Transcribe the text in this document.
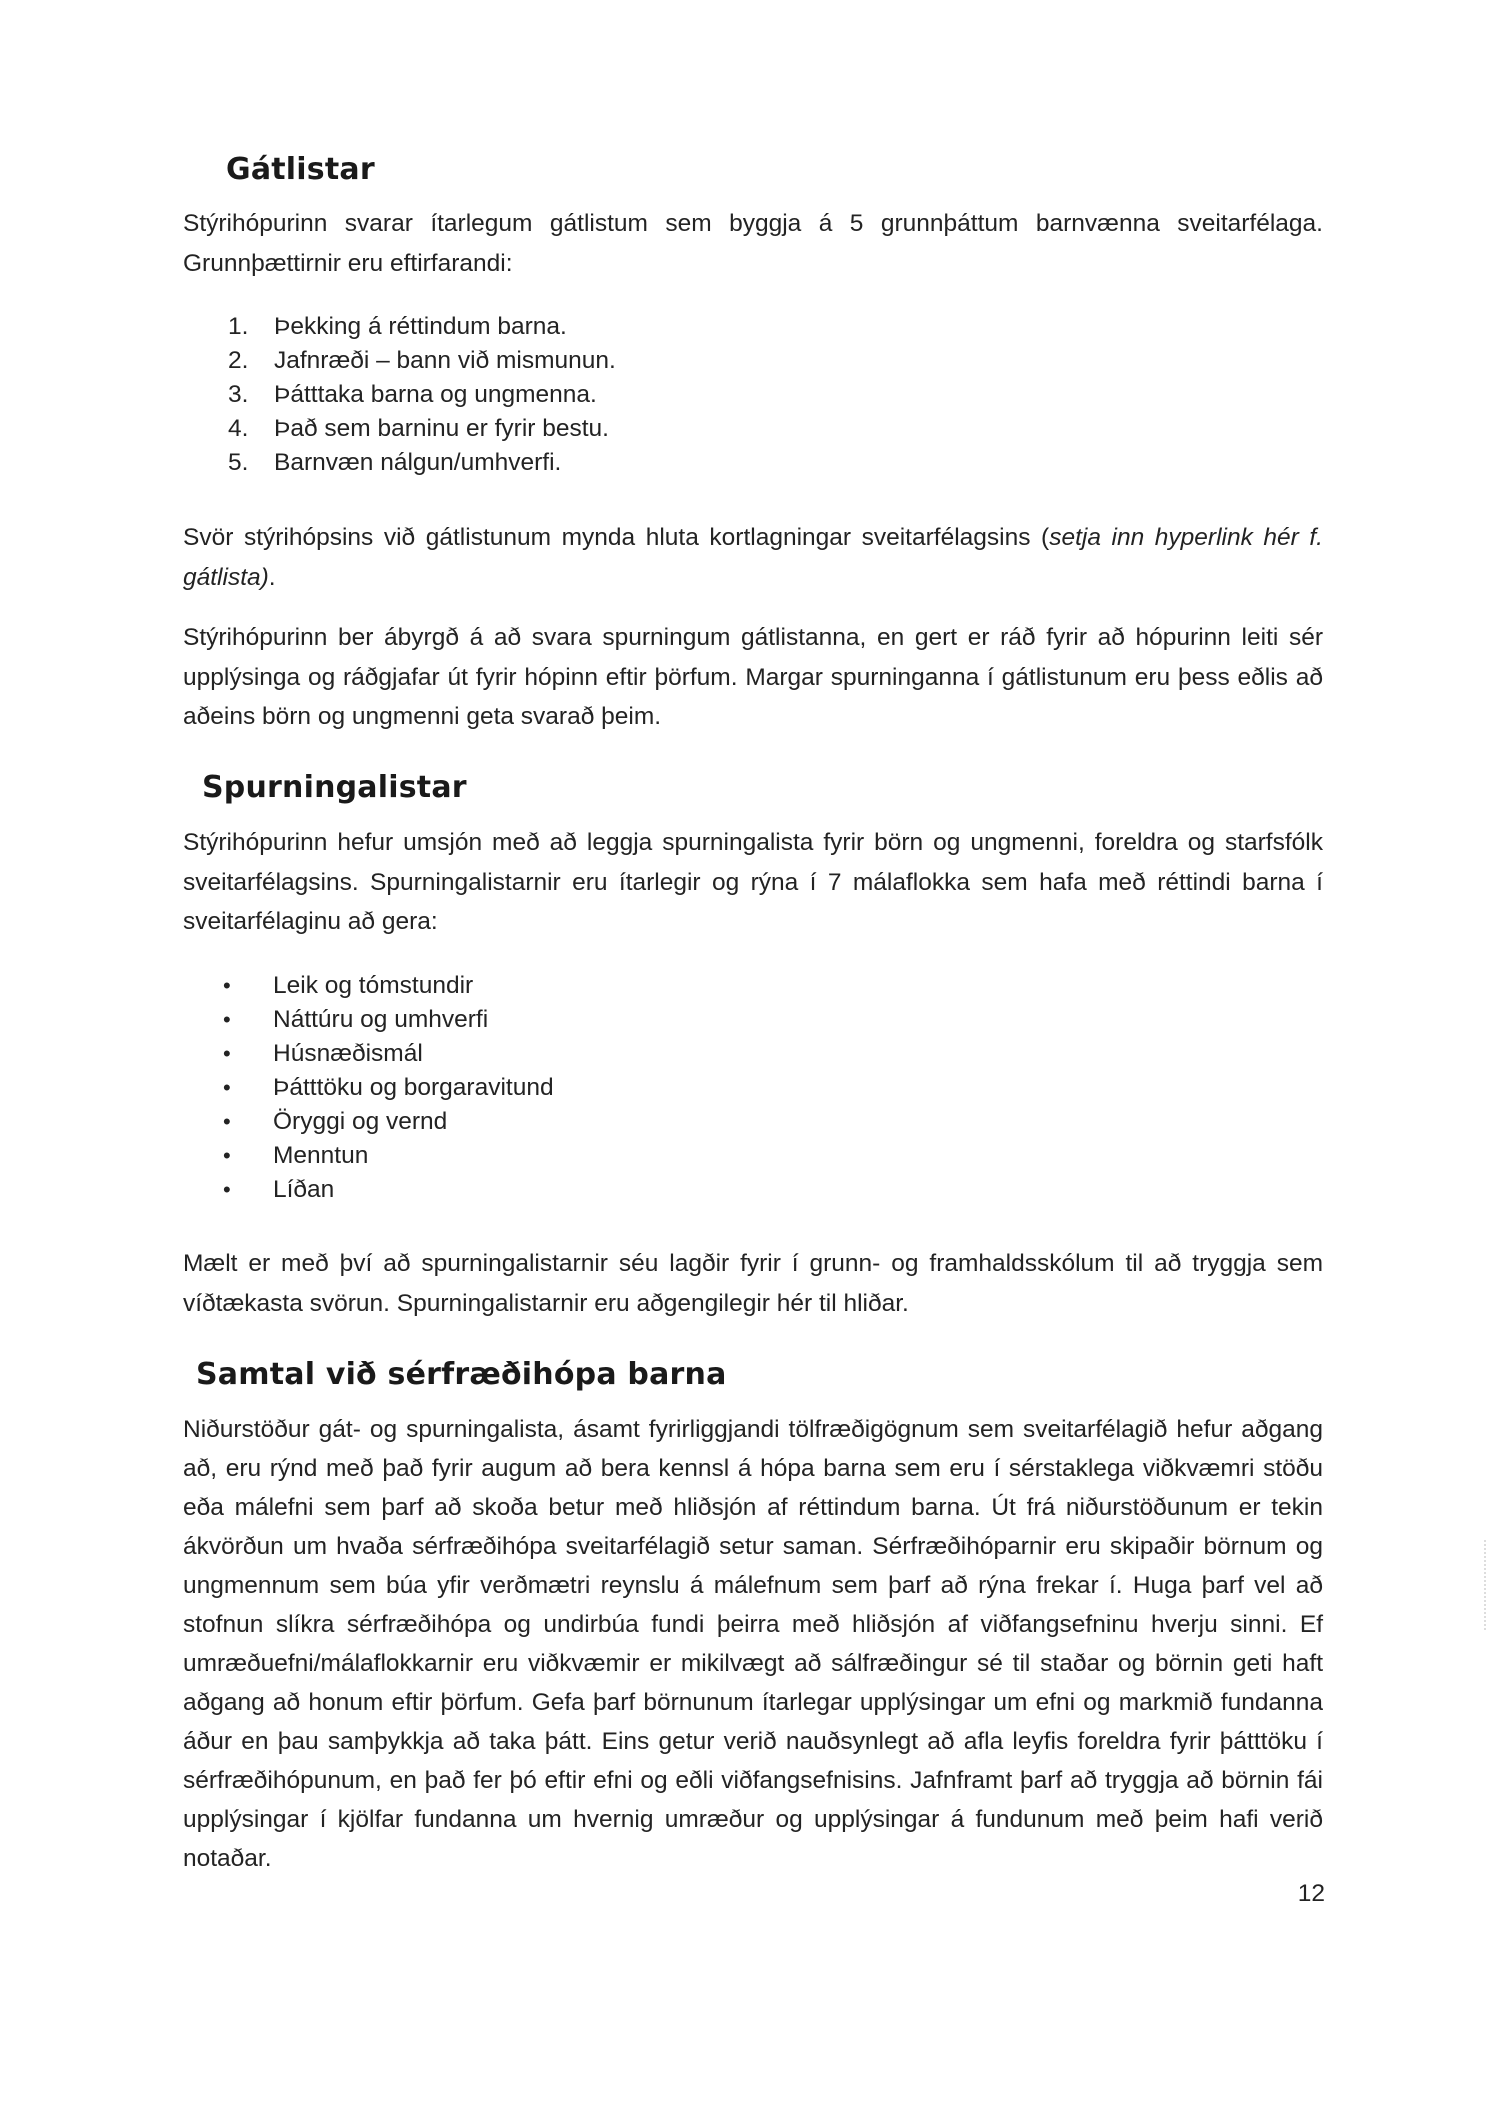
Gátlistar

Stýrihópurinn svarar ítarlegum gátlistum sem byggja á 5 grunnþáttum barnvænna sveitarfélaga. Grunnþættirnir eru eftirfarandi:

1.	Þekking á réttindum barna.
2.	Jafnræði – bann við mismunun.
3.	Þátttaka barna og ungmenna.
4.	Það sem barninu er fyrir bestu.
5.	Barnvæn nálgun/umhverfi.

Svör stýrihópsins við gátlistunum mynda hluta kortlagningar sveitarfélagsins (setja inn hyperlink hér f. gátlista).

Stýrihópurinn ber ábyrgð á að svara spurningum gátlistanna, en gert er ráð fyrir að hópurinn leiti sér upplýsinga og ráðgjafar út fyrir hópinn eftir þörfum. Margar spurninganna í gátlistunum eru þess eðlis að aðeins börn og ungmenni geta svarað þeim.

Spurningalistar

Stýrihópurinn hefur umsjón með að leggja spurningalista fyrir börn og ungmenni, foreldra og starfsfólk sveitarfélagsins. Spurningalistarnir eru ítarlegir og rýna í 7 málaflokka sem hafa með réttindi barna í sveitarfélaginu að gera:

• Leik og tómstundir
• Náttúru og umhverfi
• Húsnæðismál
• Þátttöku og borgaravitund
• Öryggi og vernd
• Menntun
• Líðan

Mælt er með því að spurningalistarnir séu lagðir fyrir í grunn- og framhaldsskólum til að tryggja sem víðtækasta svörun. Spurningalistarnir eru aðgengilegir hér til hliðar.

Samtal við sérfræðihópa barna

Niðurstöður gát- og spurningalista, ásamt fyrirliggjandi tölfræðigögnum sem sveitarfélagið hefur aðgang að, eru rýnd með það fyrir augum að bera kennsl á hópa barna sem eru í sérstaklega viðkvæmri stöðu eða málefni sem þarf að skoða betur með hliðsjón af réttindum barna. Út frá niðurstöðunum er tekin ákvörðun um hvaða sérfræðihópa sveitarfélagið setur saman. Sérfræðihóparnir eru skipaðir börnum og ungmennum sem búa yfir verðmætri reynslu á málefnum sem þarf að rýna frekar í. Huga þarf vel að stofnun slíkra sérfræðihópa og undirbúa fundi þeirra með hliðsjón af viðfangsefninu hverju sinni. Ef umræðuefni/málaflokkarnir eru viðkvæmir er mikilvægt að sálfræðingur sé til staðar og börnin geti haft aðgang að honum eftir þörfum. Gefa þarf börnunum ítarlegar upplýsingar um efni og markmið fundanna áður en þau samþykkja að taka þátt. Eins getur verið nauðsynlegt að afla leyfis foreldra fyrir þátttöku í sérfræðihópunum, en það fer þó eftir efni og eðli viðfangsefnisins. Jafnframt þarf að tryggja að börnin fái upplýsingar í kjölfar fundanna um hvernig umræður og upplýsingar á fundunum með þeim hafi verið notaðar.

12
